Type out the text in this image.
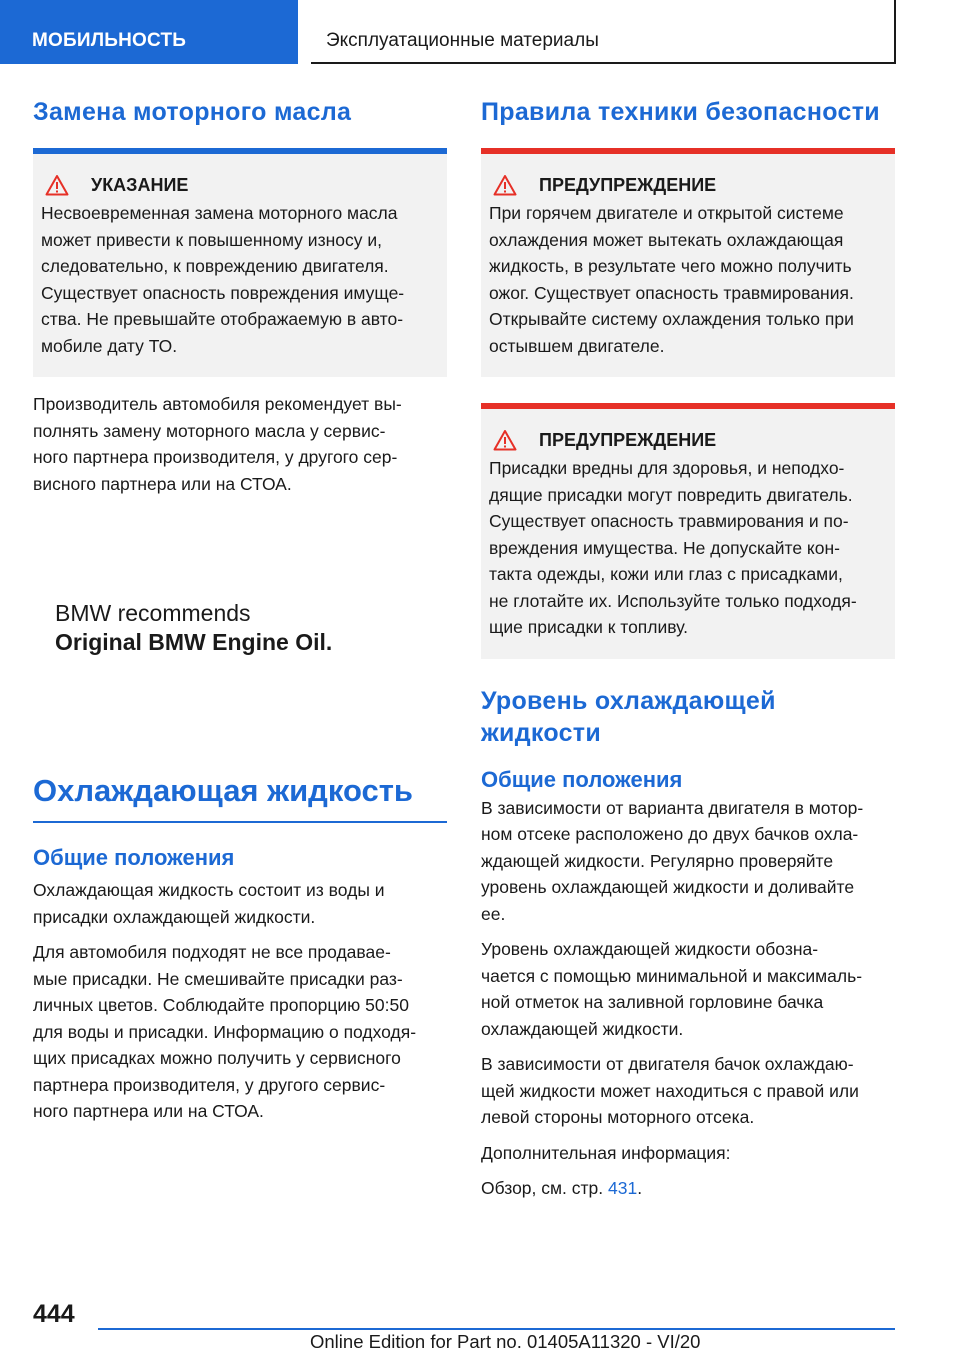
МОБИЛЬНОСТЬ	Эксплуатационные материалы
Замена моторного масла
УКАЗАНИЕ
Несвоевременная замена моторного масла
может привести к повышенному износу и,
следовательно, к повреждению двигателя.
Существует опасность повреждения имуще-
ства. Не превышайте отображаемую в авто-
мобиле дату ТО.

Производитель автомобиля рекомендует вы-
полнять замену моторного масла у сервис-
ного партнера производителя, у другого сер-
висного партнера или на СТОА.

BMW recommends
Original BMW Engine Oil.
Охлаждающая жидкость
Общие положения

Охлаждающая жидкость состоит из воды и
присадки охлаждающей жидкости.

Для автомобиля подходят не все продавае-
мые присадки. Не смешивайте присадки раз-
личных цветов. Соблюдайте пропорцию 50:50
для воды и присадки. Информацию о подходя-
щих присадках можно получить у сервисного
партнера производителя, у другого сервис-
ного партнера или на СТОА.

Правила техники безопасности
ПРЕДУПРЕЖДЕНИЕ
При горячем двигателе и открытой системе
охлаждения может вытекать охлаждающая
жидкость, в результате чего можно получить
ожог. Существует опасность травмирования.
Открывайте систему охлаждения только при
остывшем двигателе.
ПРЕДУПРЕЖДЕНИЕ
Присадки вредны для здоровья, и неподхо-
дящие присадки могут повредить двигатель.
Существует опасность травмирования и по-
вреждения имущества. Не допускайте кон-
такта одежды, кожи или глаз с присадками,
не глотайте их. Используйте только подходя-
щие присадки к топливу.
Уровень охлаждающей
жидкости
Общие положения

В зависимости от варианта двигателя в мотор-
ном отсеке расположено до двух бачков охла-
ждающей жидкости. Регулярно проверяйте
уровень охлаждающей жидкости и доливайте
ее.

Уровень охлаждающей жидкости обозна-
чается с помощью минимальной и максималь-
ной отметок на заливной горловине бачка
охлаждающей жидкости.

В зависимости от двигателя бачок охлаждаю-
щей жидкости может находиться с правой или
левой стороны моторного отсека.

Дополнительная информация:

Обзор, см. стр. 431.

444
Online Edition for Part no. 01405A11320 - VI/20
